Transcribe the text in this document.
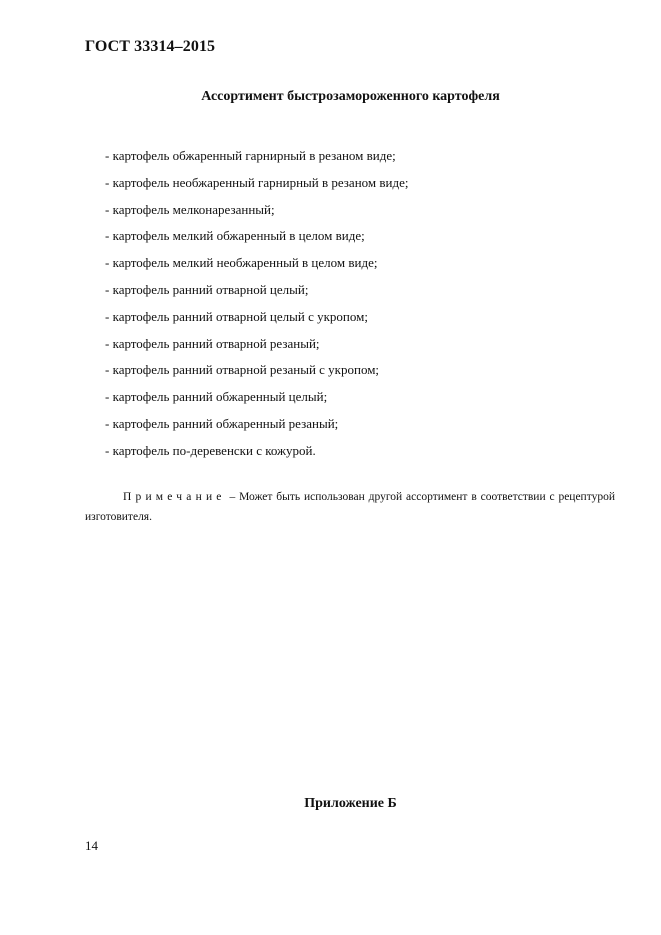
ГОСТ 33314–2015
Ассортимент быстрозамороженного картофеля
- картофель обжаренный гарнирный в резаном виде;
- картофель необжаренный гарнирный в резаном виде;
- картофель мелконарезанный;
- картофель мелкий обжаренный в целом виде;
- картофель мелкий необжаренный в целом виде;
- картофель ранний отварной целый;
- картофель ранний отварной целый с укропом;
- картофель ранний отварной резаный;
- картофель ранний отварной резаный с укропом;
- картофель ранний обжаренный целый;
- картофель ранний обжаренный резаный;
- картофель по-деревенски с кожурой.
Примечание – Может быть использован другой ассортимент в соответствии с рецептурой изготовителя.
Приложение Б
14
